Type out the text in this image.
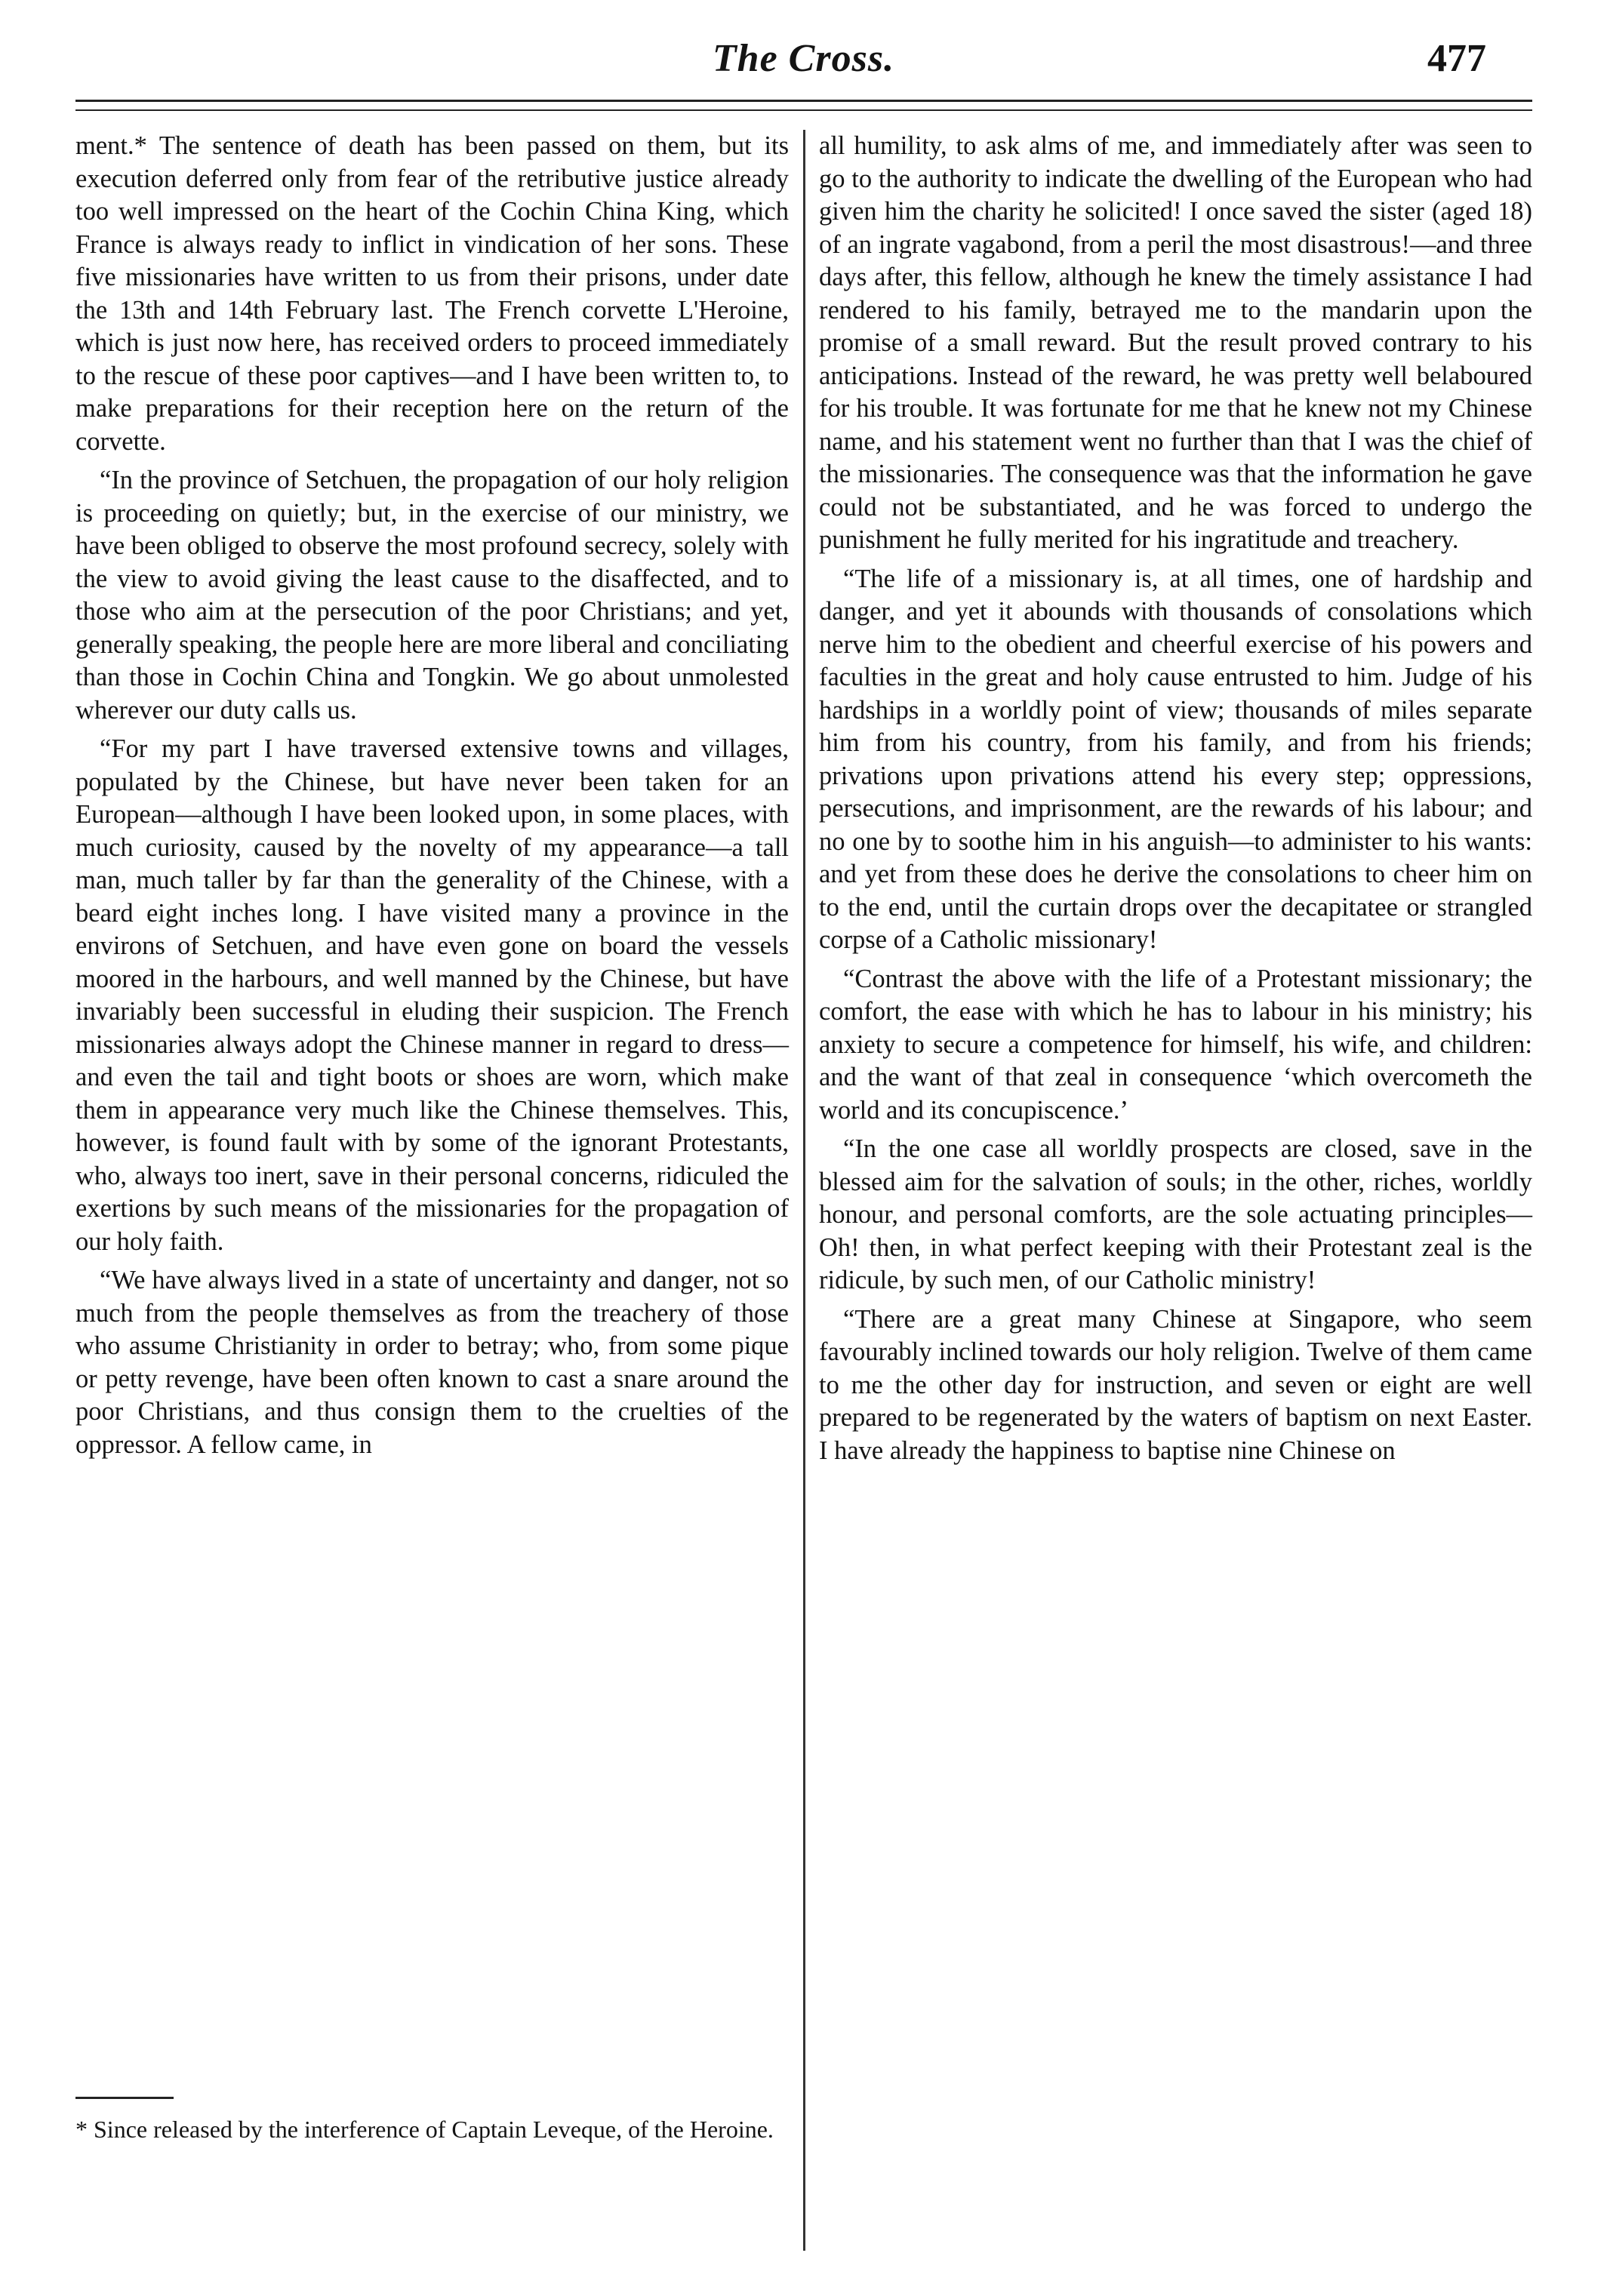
The Cross.	477

ment.* The sentence of death has been passed on them, but its execution deferred only from fear of the retributive justice already too well impressed on the heart of the Cochin China King, which France is always ready to inflict in vindication of her sons. These five missionaries have written to us from their prisons, under date the 13th and 14th February last. The French corvette L'Heroine, which is just now here, has received orders to proceed immediately to the rescue of these poor captives—and I have been written to, to make preparations for their reception here on the return of the corvette.

“In the province of Setchuen, the propagation of our holy religion is proceeding on quietly; but, in the exercise of our ministry, we have been obliged to observe the most profound secrecy, solely with the view to avoid giving the least cause to the disaffected, and to those who aim at the persecution of the poor Christians; and yet, generally speaking, the people here are more liberal and conciliating than those in Cochin China and Tongkin. We go about unmolested wherever our duty calls us.

“For my part I have traversed extensive towns and villages, populated by the Chinese, but have never been taken for an European—although I have been looked upon, in some places, with much curiosity, caused by the novelty of my appearance—a tall man, much taller by far than the generality of the Chinese, with a beard eight inches long. I have visited many a province in the environs of Setchuen, and have even gone on board the vessels moored in the harbours, and well manned by the Chinese, but have invariably been successful in eluding their suspicion. The French missionaries always adopt the Chinese manner in regard to dress—and even the tail and tight boots or shoes are worn, which make them in appearance very much like the Chinese themselves. This, however, is found fault with by some of the ignorant Protestants, who, always too inert, save in their personal concerns, ridiculed the exertions by such means of the missionaries for the propagation of our holy faith.

“We have always lived in a state of uncertainty and danger, not so much from the people themselves as from the treachery of those who assume Christianity in order to betray; who, from some pique or petty revenge, have been often known to cast a snare around the poor Christians, and thus consign them to the cruelties of the oppressor. A fellow came, in

all humility, to ask alms of me, and immediately after was seen to go to the authority to indicate the dwelling of the European who had given him the charity he solicited! I once saved the sister (aged 18) of an ingrate vagabond, from a peril the most disastrous!—and three days after, this fellow, although he knew the timely assistance I had rendered to his family, betrayed me to the mandarin upon the promise of a small reward. But the result proved contrary to his anticipations. Instead of the reward, he was pretty well belaboured for his trouble. It was fortunate for me that he knew not my Chinese name, and his statement went no further than that I was the chief of the missionaries. The consequence was that the information he gave could not be substantiated, and he was forced to undergo the punishment he fully merited for his ingratitude and treachery.

“The life of a missionary is, at all times, one of hardship and danger, and yet it abounds with thousands of consolations which nerve him to the obedient and cheerful exercise of his powers and faculties in the great and holy cause entrusted to him. Judge of his hardships in a worldly point of view; thousands of miles separate him from his country, from his family, and from his friends; privations upon privations attend his every step; oppressions, persecutions, and imprisonment, are the rewards of his labour; and no one by to soothe him in his anguish—to administer to his wants: and yet from these does he derive the consolations to cheer him on to the end, until the curtain drops over the decapitatee or strangled corpse of a Catholic missionary!

“Contrast the above with the life of a Protestant missionary; the comfort, the ease with which he has to labour in his ministry; his anxiety to secure a competence for himself, his wife, and children: and the want of that zeal in consequence ‘which overcometh the world and its concupiscence.’

“In the one case all worldly prospects are closed, save in the blessed aim for the salvation of souls; in the other, riches, worldly honour, and personal comforts, are the sole actuating principles—Oh! then, in what perfect keeping with their Protestant zeal is the ridicule, by such men, of our Catholic ministry!

“There are a great many Chinese at Singapore, who seem favourably inclined towards our holy religion. Twelve of them came to me the other day for instruction, and seven or eight are well prepared to be regenerated by the waters of baptism on next Easter. I have already the happiness to baptise nine Chinese on

* Since released by the interference of Captain Leveque, of the Heroine.
